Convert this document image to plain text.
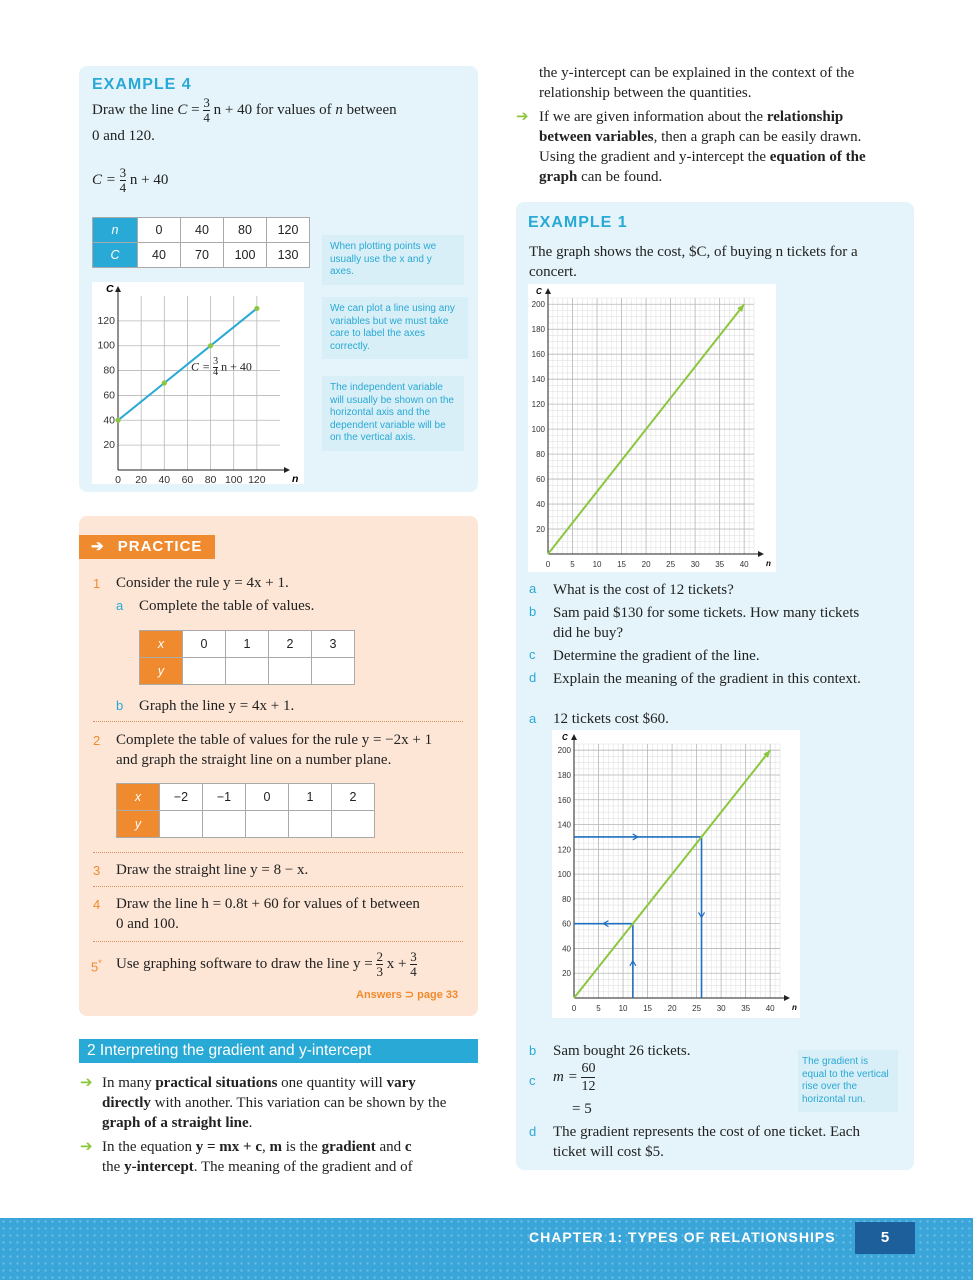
EXAMPLE 4
Draw the line $C = \frac{3}{4}$ n + 40 for values of n between
0 and 120.
$C = \frac{3}{4}$ n + 40
n	0	40	80	120
C	40	70	100	130
When plotting points we usually use the x and y axes.
We can plot a line using any variables but we must take care to label the axes correctly.
The independent variable will usually be shown on the horizontal axis and the dependent variable will be on the vertical axis.
n
C
0 20 40 60 80 100 120
20
40
60
80
100
120
$C = \frac{3}{4}$ n + 40
➔ PRACTICE
1 Consider the rule y = 4x + 1.
a Complete the table of values.
x	0	1	2	3
y				
b Graph the line y = 4x + 1.
2 Complete the table of values for the rule y = −2x + 1
and graph the straight line on a number plane.
x	−2	−1	0	1	2
y					
3 Draw the straight line y = 8 − x.
4 Draw the line h = 0.8t + 60 for values of t between
0 and 100.
5* Use graphing software to draw the line $y = \frac{2}{3}$ $x + \frac{3}{4}$
Answers ⊃ page 33
2 Interpreting the gradient and y-intercept
➔ In many practical situations one quantity will vary
directly with another. This variation can be shown by the
graph of a straight line.
➔ In the equation y = mx + c, m is the gradient and c
the y-intercept. The meaning of the gradient and of
the y-intercept can be explained in the context of the
relationship between the quantities.
➔ If we are given information about the relationship
between variables, then a graph can be easily drawn.
Using the gradient and y-intercept the equation of the
graph can be found.
EXAMPLE 1
The graph shows the cost, $C, of buying n tickets for a
concert.
n
C
0	5 10 15 20 25 30 35 40
20
40
60
80
100
120
140
160
180
200
a What is the cost of 12 tickets?
b Sam paid $130 for some tickets. How many tickets
did he buy?
c Determine the gradient of the line.
d Explain the meaning of the gradient in this context.
a 12 tickets cost $60.
n
C
0	5 10 15 20 25 30 35 40
20
40
60
80
100
120
140
160
180
200
b Sam bought 26 tickets.
c $m = \frac{60}{12}$
= 5
The gradient is equal to the vertical rise over the horizontal run.
d The gradient represents the cost of one ticket. Each
ticket will cost $5.
CHAPTER 1: TYPES OF RELATIONSHIPS	5
